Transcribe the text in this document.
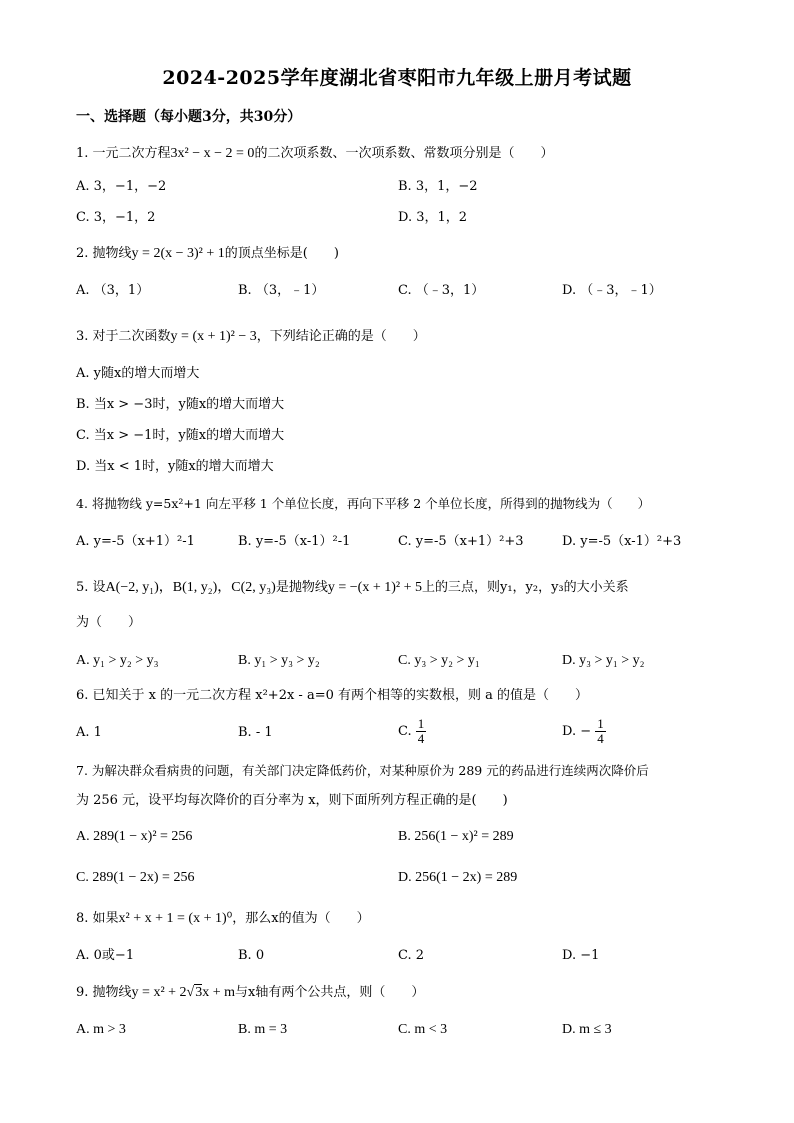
2024-2025学年度湖北省枣阳市九年级上册月考试题
一、选择题（每小题3分，共30分）
1. 一元二次方程3x² − x − 2 = 0的二次项系数、一次项系数、常数项分别是（　　）
A. 3，−1，−2	B. 3，1，−2
C. 3，−1，2	D. 3，1，2
2. 抛物线y = 2(x − 3)² + 1的顶点坐标是(　　)
A. （3，1）	B. （3，﹣1）	C. （﹣3，1）	D. （﹣3，﹣1）
3. 对于二次函数y = (x + 1)² − 3，下列结论正确的是（　　）
A. y随x的增大而增大
B. 当x > −3时，y随x的增大而增大
C. 当x > −1时，y随x的增大而增大
D. 当x < 1时，y随x的增大而增大
4. 将抛物线 y=5x²+1 向左平移 1 个单位长度，再向下平移 2 个单位长度，所得到的抛物线为（　　）
A. y=-5（x+1）²-1	B. y=-5（x-1）²-1	C. y=-5（x+1）²+3	D. y=-5（x-1）²+3
5. 设A(−2, y₁)，B(1, y₂)，C(2, y₃)是抛物线y = −(x + 1)² + 5上的三点，则y₁，y₂，y₃的大小关系
为（　　）
A. y₁ > y₂ > y₃	B. y₁ > y₃ > y₂	C. y₃ > y₂ > y₁	D. y₃ > y₁ > y₂
6. 已知关于 x 的一元二次方程 x²+2x - a=0 有两个相等的实数根，则 a 的值是（　　）
A. 1	B. - 1	C. $\frac{1}{4}$	D. − $\frac{1}{4}$
7. 为解决群众看病贵的问题，有关部门决定降低药价，对某种原价为 289 元的药品进行连续两次降价后
为 256 元，设平均每次降价的百分率为 x，则下面所列方程正确的是(　　)
A. 289(1 − x)² = 256	B. 256(1 − x)² = 289
C. 289(1 − 2x) = 256	D. 256(1 − 2x) = 289
8. 如果x² + x + 1 = (x + 1)⁰，那么x的值为（　　）
A. 0或−1	B. 0	C. 2	D. −1
9. 抛物线y = x² + 2√3x + m与x轴有两个公共点，则（　　）
A. m > 3	B. m = 3	C. m < 3	D. m ≤ 3
